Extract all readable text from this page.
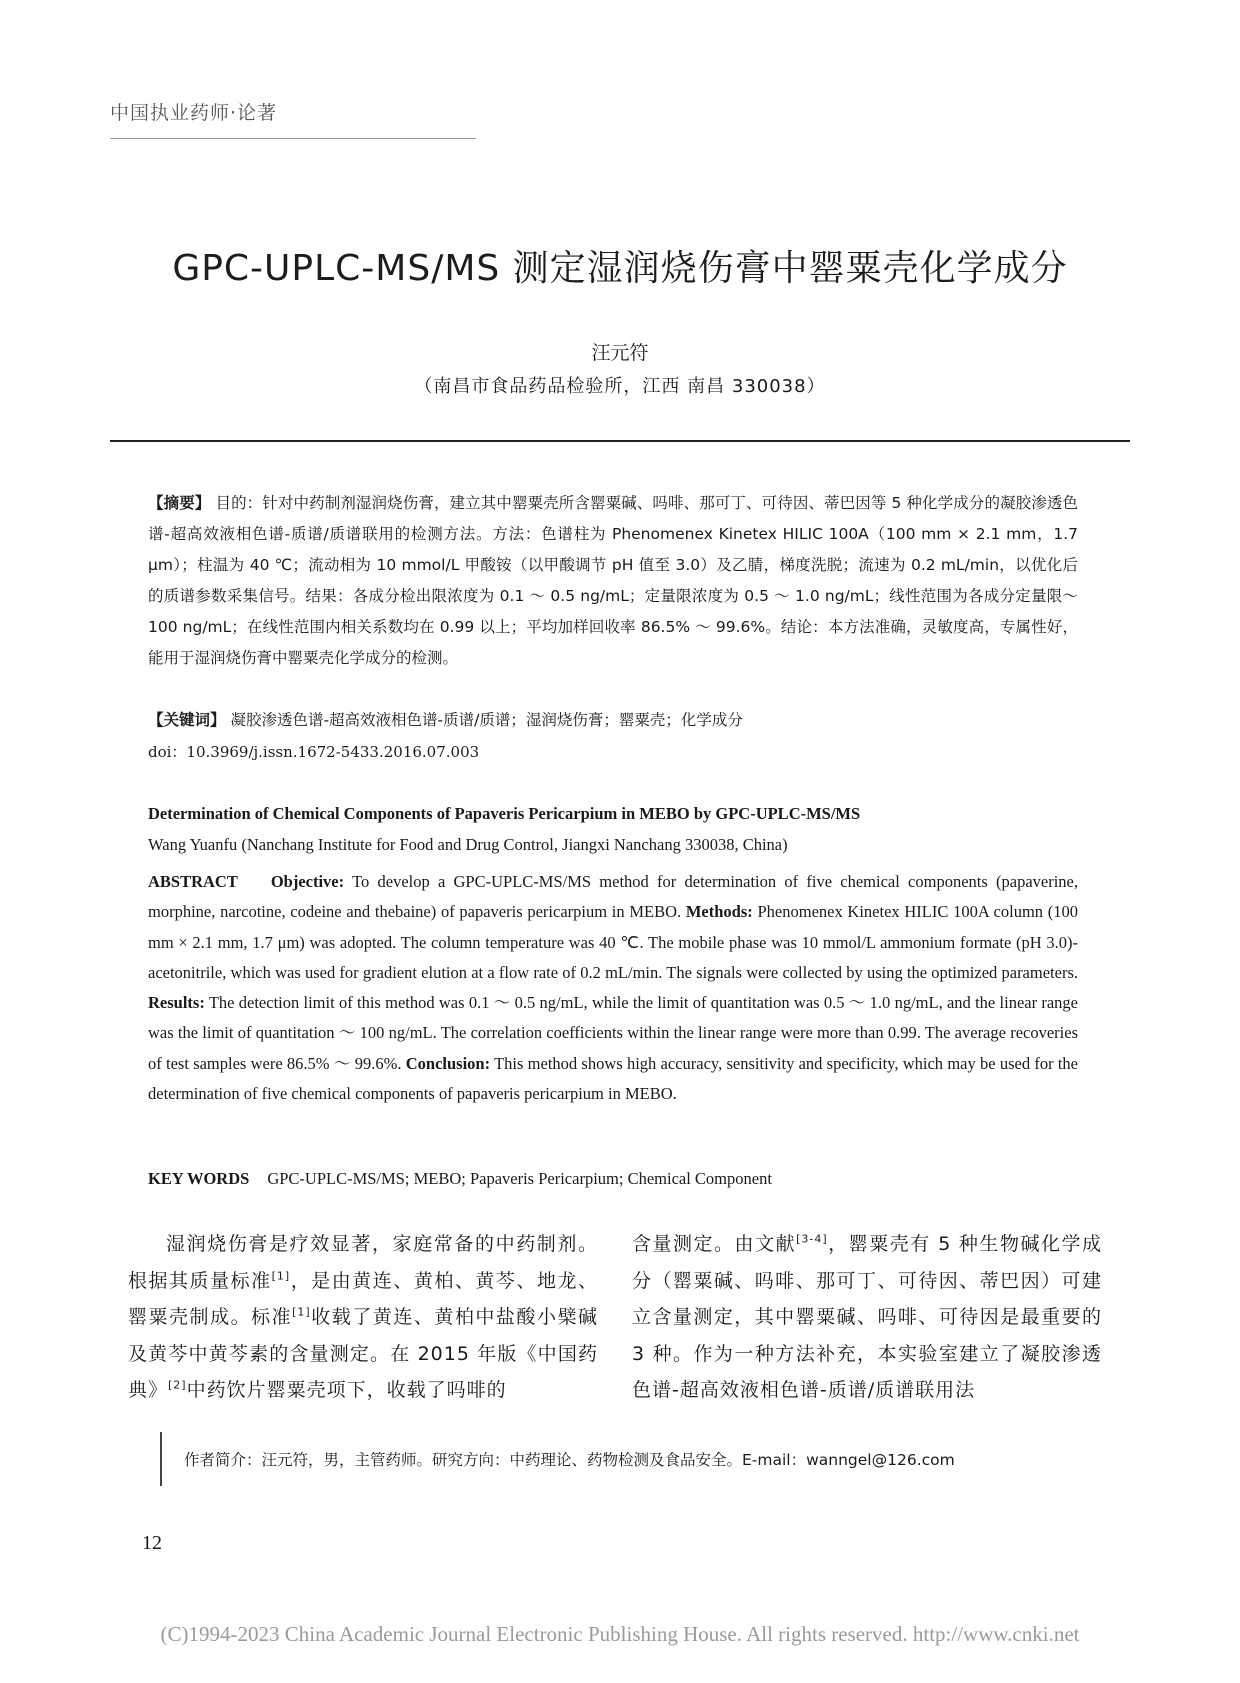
中国执业药师·论著
GPC-UPLC-MS/MS 测定湿润烧伤膏中罂粟壳化学成分
汪元符
（南昌市食品药品检验所，江西 南昌 330038）
【摘要】 目的：针对中药制剂湿润烧伤膏，建立其中罂粟壳所含罂粟碱、吗啡、那可丁、可待因、蒂巴因等 5 种化学成分的凝胶渗透色谱-超高效液相色谱-质谱/质谱联用的检测方法。方法：色谱柱为 Phenomenex Kinetex HILIC 100A（100 mm × 2.1 mm，1.7 μm）；柱温为 40 ℃；流动相为 10 mmol/L 甲酸铵（以甲酸调节 pH 值至 3.0）及乙腈，梯度洗脱；流速为 0.2 mL/min，以优化后的质谱参数采集信号。结果：各成分检出限浓度为 0.1 ～ 0.5 ng/mL；定量限浓度为 0.5 ～ 1.0 ng/mL；线性范围为各成分定量限～ 100 ng/mL；在线性范围内相关系数均在 0.99 以上；平均加样回收率 86.5% ～ 99.6%。结论：本方法准确，灵敏度高，专属性好，能用于湿润烧伤膏中罂粟壳化学成分的检测。
【关键词】 凝胶渗透色谱-超高效液相色谱-质谱/质谱；湿润烧伤膏；罂粟壳；化学成分
doi：10.3969/j.issn.1672-5433.2016.07.003
Determination of Chemical Components of Papaveris Pericarpium in MEBO by GPC-UPLC-MS/MS
Wang Yuanfu (Nanchang Institute for Food and Drug Control, Jiangxi Nanchang 330038, China)
ABSTRACT Objective: To develop a GPC-UPLC-MS/MS method for determination of five chemical components (papaverine, morphine, narcotine, codeine and thebaine) of papaveris pericarpium in MEBO. Methods: Phenomenex Kinetex HILIC 100A column (100 mm × 2.1 mm, 1.7 μm) was adopted. The column temperature was 40 ℃. The mobile phase was 10 mmol/L ammonium formate (pH 3.0)-acetonitrile, which was used for gradient elution at a flow rate of 0.2 mL/min. The signals were collected by using the optimized parameters. Results: The detection limit of this method was 0.1 ～ 0.5 ng/mL, while the limit of quantitation was 0.5 ～ 1.0 ng/mL, and the linear range was the limit of quantitation ～ 100 ng/mL. The correlation coefficients within the linear range were more than 0.99. The average recoveries of test samples were 86.5% ～ 99.6%. Conclusion: This method shows high accuracy, sensitivity and specificity, which may be used for the determination of five chemical components of papaveris pericarpium in MEBO.
KEY WORDS GPC-UPLC-MS/MS; MEBO; Papaveris Pericarpium; Chemical Component
湿润烧伤膏是疗效显著，家庭常备的中药制剂。根据其质量标准[1]，是由黄连、黄柏、黄芩、地龙、罂粟壳制成。标准[1]收载了黄连、黄柏中盐酸小檗碱及黄芩中黄芩素的含量测定。在 2015 年版《中国药典》[2]中药饮片罂粟壳项下，收载了吗啡的
含量测定。由文献[3-4]，罂粟壳有 5 种生物碱化学成分（罂粟碱、吗啡、那可丁、可待因、蒂巴因）可建立含量测定，其中罂粟碱、吗啡、可待因是最重要的 3 种。作为一种方法补充，本实验室建立了凝胶渗透色谱-超高效液相色谱-质谱/质谱联用法
作者简介：汪元符，男，主管药师。研究方向：中药理论、药物检测及食品安全。E-mail：wanngel@126.com
12
(C)1994-2023 China Academic Journal Electronic Publishing House. All rights reserved. http://www.cnki.net
